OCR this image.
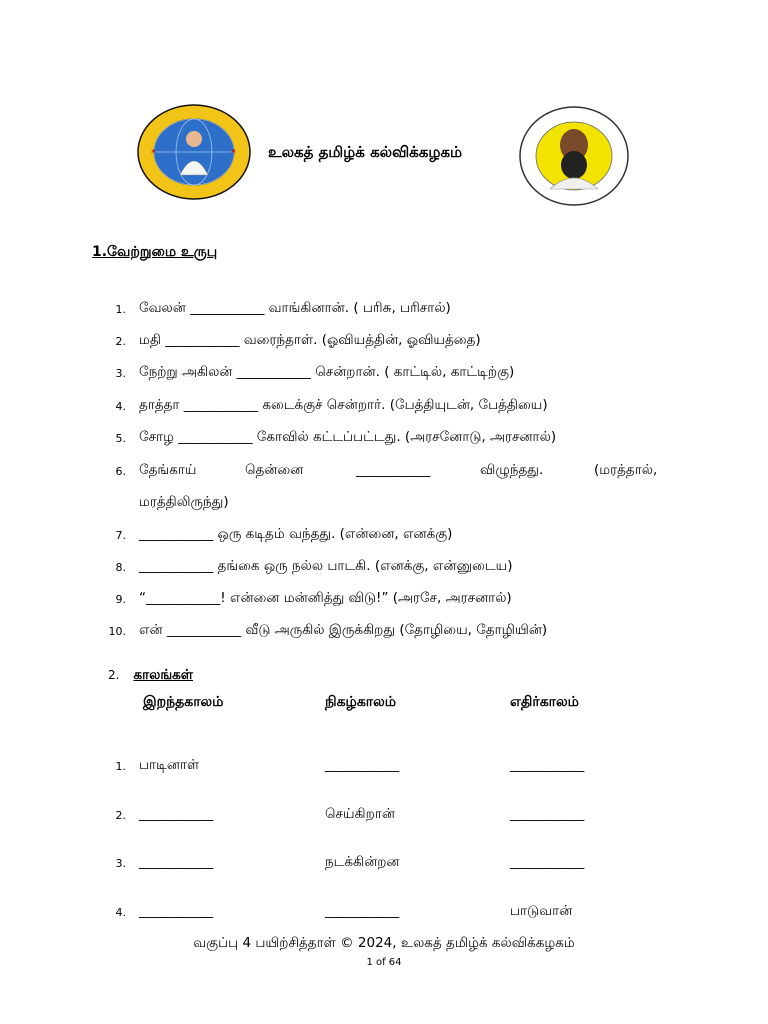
*	* உலகத் தமிழ்க் கல்விக்கழகம்
1.வேற்றுமை உருபு
1. வேலன் ___________ வாங்கினான். ( பரிசு, பரிசால்)
2. மதி ___________ வரைந்தாள். (ஓவியத்தின், ஓவியத்தை)
3. நேற்று அகிலன் ___________ சென்றான். ( காட்டில், காட்டிற்கு)
4. தாத்தா ___________ கடைக்குச் சென்றார். (பேத்தியுடன், பேத்தியை)
5. சோழ ___________ கோவில் கட்டப்பட்டது. (அரசனோடு, அரசனால்)
6. தேங்காய்	தென்னை	___________	விழுந்தது.	(மரத்தால்,
மரத்திலிருந்து)
7. ___________ ஒரு கடிதம் வந்தது. (என்னை, எனக்கு)
8. ___________ தங்கை ஒரு நல்ல பாடகி. (எனக்கு, என்னுடைய)
9. “___________! என்னை மன்னித்து விடு!” (அரசே, அரசனால்)
10. என் ___________ வீடு அருகில் இருக்கிறது (தோழியை, தோழியின்)
2. காலங்கள்
இறந்தகாலம்	நிகழ்காலம்	எதிர்காலம்
1. பாடினாள்	___________	___________
2. ___________	செய்கிறான்	___________
3. ___________	நடக்கின்றன	___________
4. ___________	___________	பாடுவான்
வகுப்பு 4 பயிற்சித்தாள் © 2024, உலகத் தமிழ்க் கல்விக்கழகம்
1 of 64
